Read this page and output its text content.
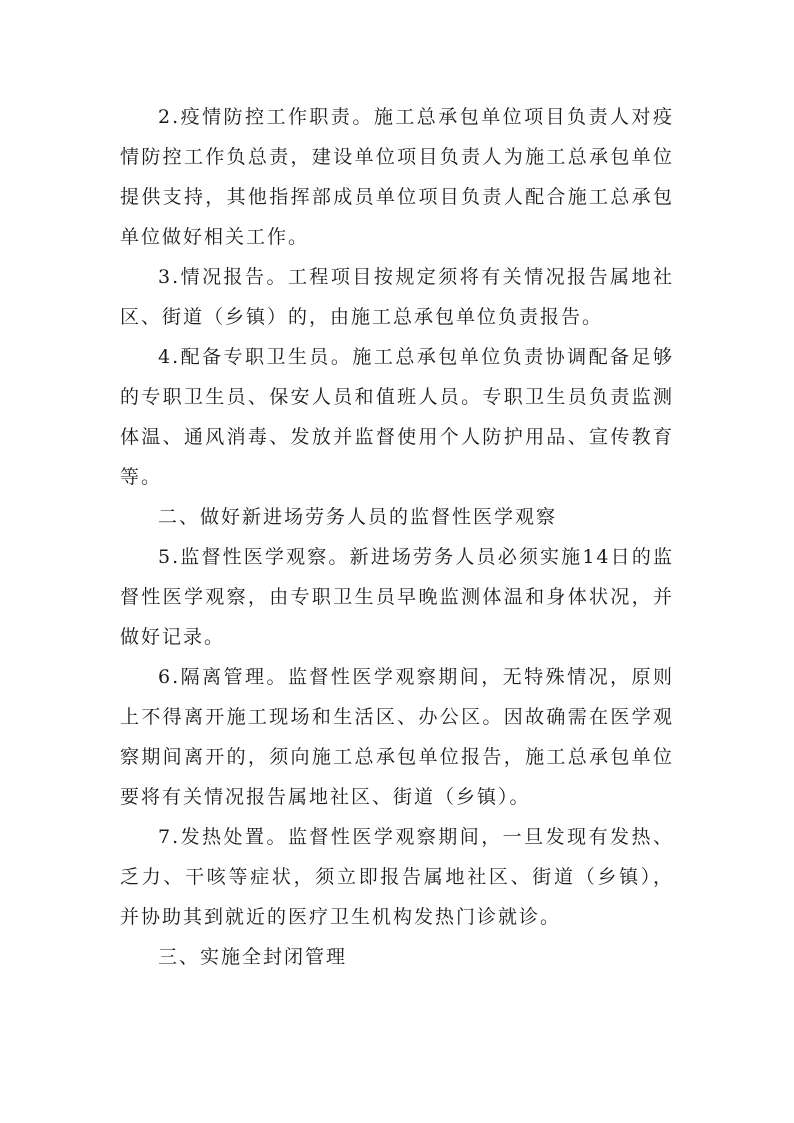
2.疫情防控工作职责。施工总承包单位项目负责人对疫情防控工作负总责，建设单位项目负责人为施工总承包单位提供支持，其他指挥部成员单位项目负责人配合施工总承包单位做好相关工作。

3.情况报告。工程项目按规定须将有关情况报告属地社区、街道（乡镇）的，由施工总承包单位负责报告。

4.配备专职卫生员。施工总承包单位负责协调配备足够的专职卫生员、保安人员和值班人员。专职卫生员负责监测体温、通风消毒、发放并监督使用个人防护用品、宣传教育等。

二、做好新进场劳务人员的监督性医学观察

5.监督性医学观察。新进场劳务人员必须实施14日的监督性医学观察，由专职卫生员早晚监测体温和身体状况，并做好记录。

6.隔离管理。监督性医学观察期间，无特殊情况，原则上不得离开施工现场和生活区、办公区。因故确需在医学观察期间离开的，须向施工总承包单位报告，施工总承包单位要将有关情况报告属地社区、街道（乡镇）。

7.发热处置。监督性医学观察期间，一旦发现有发热、乏力、干咳等症状，须立即报告属地社区、街道（乡镇），并协助其到就近的医疗卫生机构发热门诊就诊。

三、实施全封闭管理
